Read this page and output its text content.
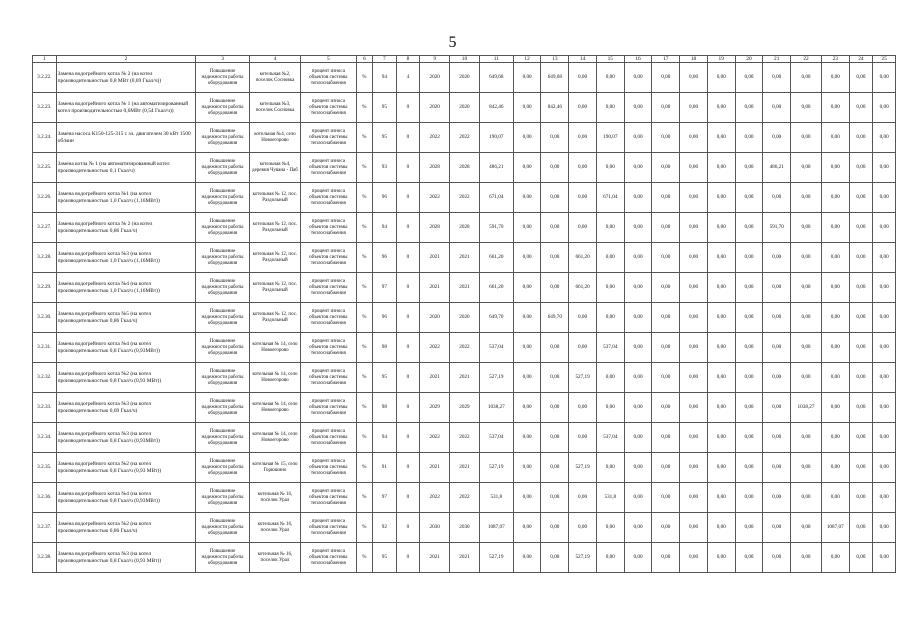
5
1	2	3	4	5	6	7	8	9	10	11	12	13	14	15	16	17	18	19	20	21	22	23	24	25
3.2.22.	Замена водогрейного котла № 2 (на котел производительностью 0,8 МВт (0,69 Гкал/ч))	Повышение надежности работы оборудования	котельная №2, поселок Сосновка	процент износа объектов системы теплоснабжения	%	94	4	2020	2020	649,68	0,00	649,68	0,00	0,00	0,00	0,00	0,00	0,00	0,00	0,00	0,00	0,00	0,00	0,00
3.2.23.	Замена водогрейного котла № 1 (на автоматизированный котел производительностью 0,6МВт (0,54 Гкал/ч))	Повышение надежности работы оборудования	котельная №3, поселок Сосновка	процент износа объектов системы теплоснабжения	%	95	0	2020	2020	842,46	0,00	842,46	0,00	0,00	0,00	0,00	0,00	0,00	0,00	0,00	0,00	0,00	0,00	0,00
3.2.24.	Замена насоса К150-125-315 с эл. двигателем 30 кВт 1500 об/мин	Повышение надежности работы оборудования	котельная №4, село Новоегорово	процент износа объектов системы теплоснабжения	%	95	0	2022	2022	190,07	0,00	0,00	0,00	190,07	0,00	0,00	0,00	0,00	0,00	0,00	0,00	0,00	0,00	0,00
3.2.25.	Замена котла № 1 (на автоматизированный котел производительностью 0,1 Гкал/ч)	Повышение надежности работы оборудования	котельная №4, деревня Чувана - Паб	процент износа объектов системы теплоснабжения	%	93	0	2028	2028	486,21	0,00	0,00	0,00	0,00	0,00	0,00	0,00	0,00	0,00	486,21	0,00	0,00	0,00	0,00
3.2.26.	Замена водогрейного котла №1 (на котел производительностью 1,0 Гкал/ч (1,16МВт))	Повышение надежности работы оборудования	котельная № 12, пос. Раздольный	процент износа объектов системы теплоснабжения	%	96	0	2022	2022	671,04	0,00	0,00	0,00	671,04	0,00	0,00	0,00	0,00	0,00	0,00	0,00	0,00	0,00	0,00
3.2.27.	Замена водогрейного котла № 2 (на котел производительностью 0,86 Гкал/ч)	Повышение надежности работы оборудования	котельная № 12, пос. Раздольный	процент износа объектов системы теплоснабжения	%	94	0	2028	2028	591,70	0,00	0,00	0,00	0,00	0,00	0,00	0,00	0,00	0,00	591,70	0,00	0,00	0,00	0,00
3.2.28.	Замена водогрейного котла №3 (на котел производительностью 1,0 Гкал/ч (1,16МВт))	Повышение надежности работы оборудования	котельная № 12, пос. Раздольный	процент износа объектов системы теплоснабжения	%	96	0	2021	2021	661,20	0,00	0,00	661,20	0,00	0,00	0,00	0,00	0,00	0,00	0,00	0,00	0,00	0,00	0,00
3.2.29.	Замена водогрейного котла №4 (на котел производительностью 1,0 Гкал/ч (1,16МВт))	Повышение надежности работы оборудования	котельная № 12, пос. Раздольный	процент износа объектов системы теплоснабжения	%	97	0	2021	2021	661,20	0,00	0,00	661,20	0,00	0,00	0,00	0,00	0,00	0,00	0,00	0,00	0,00	0,00	0,00
3.2.30.	Замена водогрейного котла №5 (на котел производительностью 0,86 Гкал/ч)	Повышение надежности работы оборудования	котельная № 12, пос. Раздольный	процент износа объектов системы теплоснабжения	%	96	0	2020	2020	649,70	0,00	649,70	0,00	0,00	0,00	0,00	0,00	0,00	0,00	0,00	0,00	0,00	0,00	0,00
3.2.31.	Замена водогрейного котла №4 (на котел производительностью 0,8 Гкал/ч (0,93МВт))	Повышение надежности работы оборудования	котельная № 14, село Новоегорово	процент износа объектов системы теплоснабжения	%	98	0	2022	2022	537,04	0,00	0,00	0,00	537,04	0,00	0,00	0,00	0,00	0,00	0,00	0,00	0,00	0,00	0,00
3.2.32.	Замена водогрейного котла №2 (на котел производительностью 0,8 Гкал/ч (0,93 МВт))	Повышение надежности работы оборудования	котельная № 14, село Новоегорово	процент износа объектов системы теплоснабжения	%	95	0	2021	2021	527,19	0,00	0,00	527,19	0,00	0,00	0,00	0,00	0,00	0,00	0,00	0,00	0,00	0,00	0,00
3.2.33.	Замена водогрейного котла №3 (на котел производительностью 0,69 Гкал/ч)	Повышение надежности работы оборудования	котельная № 14, село Новоегорово	процент износа объектов системы теплоснабжения	%	98	0	2029	2029	1038,27	0,00	0,00	0,00	0,00	0,00	0,00	0,00	0,00	0,00	0,00	1038,27	0,00	0,00	0,00
3.2.34.	Замена водогрейного котла №3 (на котел производительностью 0,8 Гкал/ч (0,93МВт))	Повышение надежности работы оборудования	котельная № 14, село Новоегорово	процент износа объектов системы теплоснабжения	%	94	0	2022	2022	537,04	0,00	0,00	0,00	537,04	0,00	0,00	0,00	0,00	0,00	0,00	0,00	0,00	0,00	0,00
3.2.35.	Замена водогрейного котла №2 (на котел производительностью 0,8 Гкал/ч (0,93 МВт))	Повышение надежности работы оборудования	котельная № 15, село Горюшино	процент износа объектов системы теплоснабжения	%	91	0	2021	2021	527,19	0,00	0,00	527,19	0,00	0,00	0,00	0,00	0,00	0,00	0,00	0,00	0,00	0,00	0,00
3.2.36.	Замена водогрейного котла №4 (на котел производительностью 0,8 Гкал/ч (0,93МВт))	Повышение надежности работы оборудования	котельная № 16, поселок Урал	процент износа объектов системы теплоснабжения	%	97	0	2022	2022	531,8	0,00	0,00	0,00	531,8	0,00	0,00	0,00	0,00	0,00	0,00	0,00	0,00	0,00	0,00
3.2.37.	Замена водогрейного котла №2 (на котел производительностью 0,86 Гкал/ч)	Повышение надежности работы оборудования	котельная № 16, поселок Урал	процент износа объектов системы теплоснабжения	%	92	0	2030	2030	1087,07	0,00	0,00	0,00	0,00	0,00	0,00	0,00	0,00	0,00	0,00	0,00	1087,07	0,00	0,00
3.2.38.	Замена водогрейного котла №3 (на котел производительностью 0,8 Гкал/ч (0,93 МВт))	Повышение надежности работы оборудования	котельная № 16, поселок Урал	процент износа объектов системы теплоснабжения	%	95	0	2021	2021	527,19	0,00	0,00	527,19	0,00	0,00	0,00	0,00	0,00	0,00	0,00	0,00	0,00	0,00	0,00
